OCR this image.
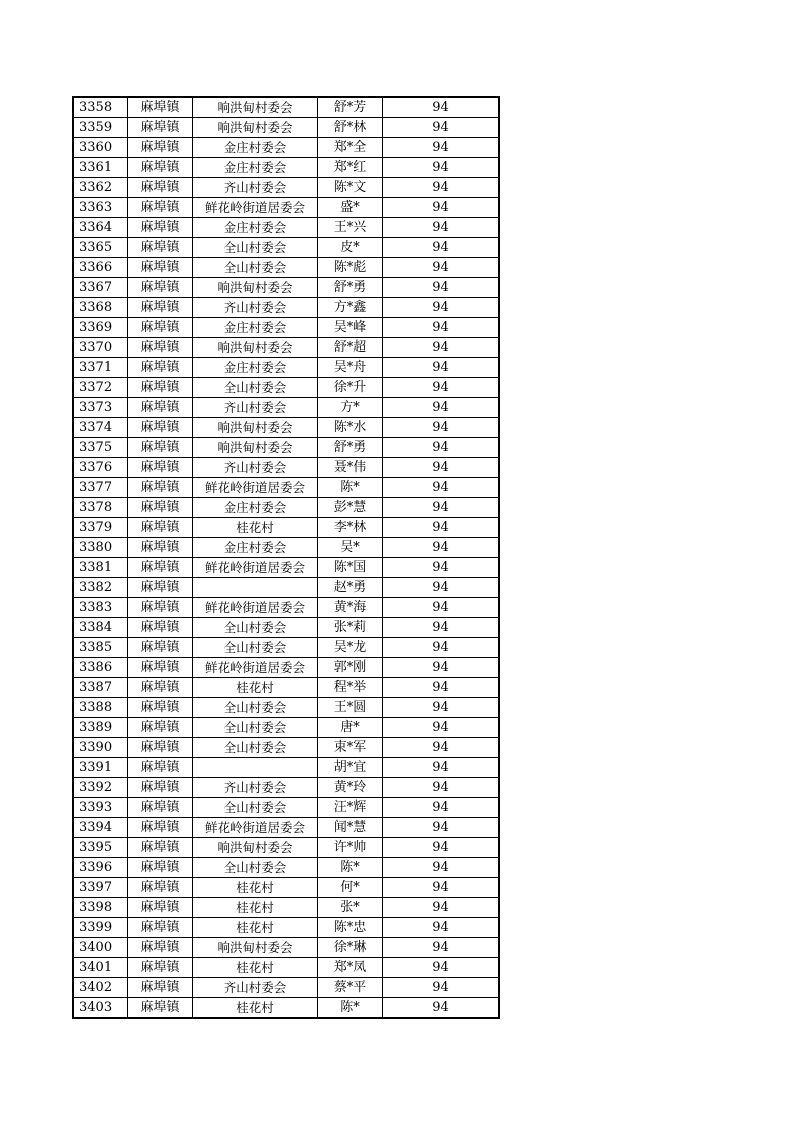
3358	麻埠镇	响洪甸村委会	舒*芳	94
3359	麻埠镇	响洪甸村委会	舒*林	94
3360	麻埠镇	金庄村委会	郑*全	94
3361	麻埠镇	金庄村委会	郑*红	94
3362	麻埠镇	齐山村委会	陈*文	94
3363	麻埠镇	鲜花岭街道居委会	盛*	94
3364	麻埠镇	金庄村委会	王*兴	94
3365	麻埠镇	全山村委会	皮*	94
3366	麻埠镇	全山村委会	陈*彪	94
3367	麻埠镇	响洪甸村委会	舒*勇	94
3368	麻埠镇	齐山村委会	方*鑫	94
3369	麻埠镇	金庄村委会	吴*峰	94
3370	麻埠镇	响洪甸村委会	舒*超	94
3371	麻埠镇	金庄村委会	吴*舟	94
3372	麻埠镇	全山村委会	徐*升	94
3373	麻埠镇	齐山村委会	方*	94
3374	麻埠镇	响洪甸村委会	陈*水	94
3375	麻埠镇	响洪甸村委会	舒*勇	94
3376	麻埠镇	齐山村委会	聂*伟	94
3377	麻埠镇	鲜花岭街道居委会	陈*	94
3378	麻埠镇	金庄村委会	彭*慧	94
3379	麻埠镇	桂花村	李*林	94
3380	麻埠镇	金庄村委会	吴*	94
3381	麻埠镇	鲜花岭街道居委会	陈*国	94
3382	麻埠镇		赵*勇	94
3383	麻埠镇	鲜花岭街道居委会	黄*海	94
3384	麻埠镇	全山村委会	张*莉	94
3385	麻埠镇	全山村委会	吴*龙	94
3386	麻埠镇	鲜花岭街道居委会	郭*刚	94
3387	麻埠镇	桂花村	程*举	94
3388	麻埠镇	全山村委会	王*圆	94
3389	麻埠镇	全山村委会	唐*	94
3390	麻埠镇	全山村委会	束*军	94
3391	麻埠镇		胡*宜	94
3392	麻埠镇	齐山村委会	黄*玲	94
3393	麻埠镇	全山村委会	汪*辉	94
3394	麻埠镇	鲜花岭街道居委会	闻*慧	94
3395	麻埠镇	响洪甸村委会	许*帅	94
3396	麻埠镇	全山村委会	陈*	94
3397	麻埠镇	桂花村	何*	94
3398	麻埠镇	桂花村	张*	94
3399	麻埠镇	桂花村	陈*忠	94
3400	麻埠镇	响洪甸村委会	徐*琳	94
3401	麻埠镇	桂花村	郑*凤	94
3402	麻埠镇	齐山村委会	蔡*平	94
3403	麻埠镇	桂花村	陈*	94
